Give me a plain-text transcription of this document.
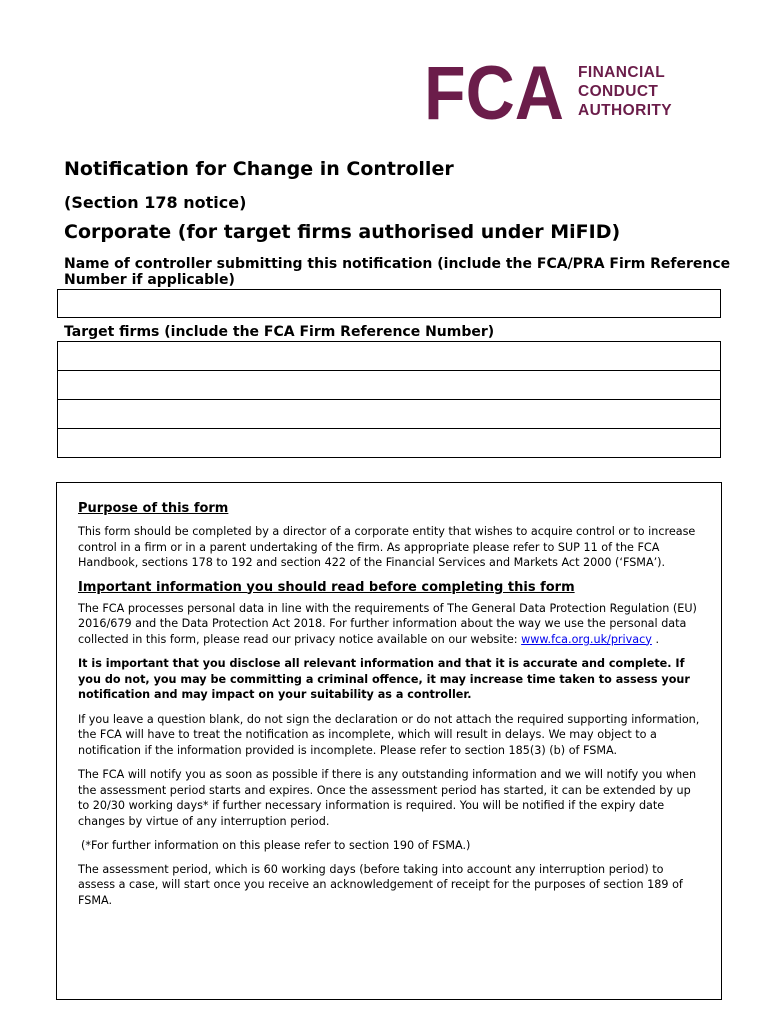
FCA FINANCIAL
CONDUCT
AUTHORITY
Notification for Change in Controller
(Section 178 notice)
Corporate (for target firms authorised under MiFID)

Name of controller submitting this notification (include the FCA/PRA Firm Reference Number if applicable)

Target firms (include the FCA Firm Reference Number)

Purpose of this form

This form should be completed by a director of a corporate entity that wishes to acquire control or to increase control in a firm or in a parent undertaking of the firm. As appropriate please refer to SUP 11 of the FCA Handbook, sections 178 to 192 and section 422 of the Financial Services and Markets Act 2000 (‘FSMA’).

Important information you should read before completing this form

The FCA processes personal data in line with the requirements of The General Data Protection Regulation (EU) 2016/679 and the Data Protection Act 2018. For further information about the way we use the personal data collected in this form, please read our privacy notice available on our website: www.fca.org.uk/privacy .

It is important that you disclose all relevant information and that it is accurate and complete. If you do not, you may be committing a criminal offence, it may increase time taken to assess your notification and may impact on your suitability as a controller.

If you leave a question blank, do not sign the declaration or do not attach the required supporting information, the FCA will have to treat the notification as incomplete, which will result in delays. We may object to a notification if the information provided is incomplete. Please refer to section 185(3) (b) of FSMA.

The FCA will notify you as soon as possible if there is any outstanding information and we will notify you when the assessment period starts and expires. Once the assessment period has started, it can be extended by up to 20/30 working days* if further necessary information is required. You will be notified if the expiry date changes by virtue of any interruption period.

(*For further information on this please refer to section 190 of FSMA.)

The assessment period, which is 60 working days (before taking into account any interruption period) to assess a case, will start once you receive an acknowledgement of receipt for the purposes of section 189 of FSMA.
